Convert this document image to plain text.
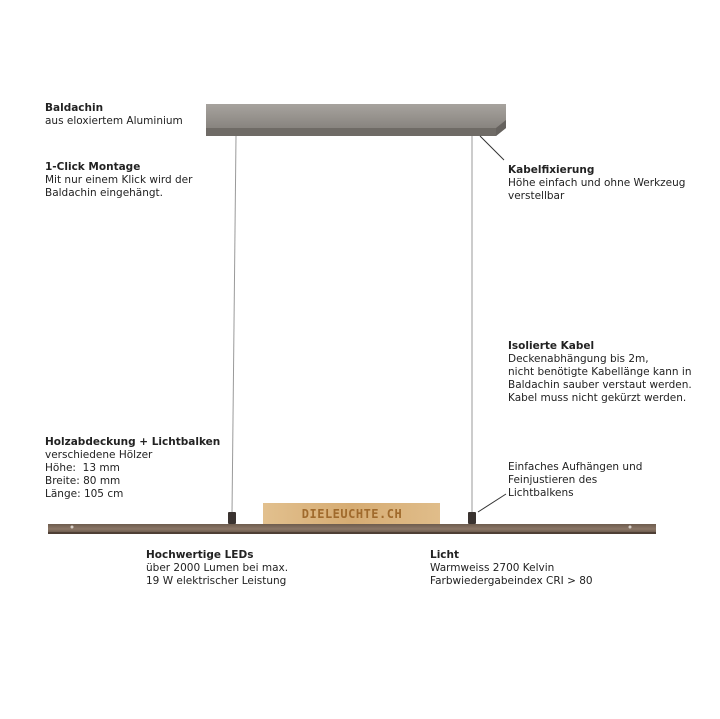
DIELEUCHTE.CH
Baldachin
aus eloxiertem Aluminium
1-Click Montage
Mit nur einem Klick wird der
Baldachin eingehängt.
Kabelfixierung
Höhe einfach und ohne Werkzeug
verstellbar
Isolierte Kabel
Deckenabhängung bis 2m,
nicht benötigte Kabellänge kann in
Baldachin sauber verstaut werden.
Kabel muss nicht gekürzt werden.
Holzabdeckung + Lichtbalken
verschiedene Hölzer
Höhe:  13 mm
Breite: 80 mm
Länge: 105 cm
Einfaches Aufhängen und
Feinjustieren des
Lichtbalkens
Hochwertige LEDs
über 2000 Lumen bei max.
19 W elektrischer Leistung
Licht
Warmweiss 2700 Kelvin
Farbwiedergabeindex CRI > 80
